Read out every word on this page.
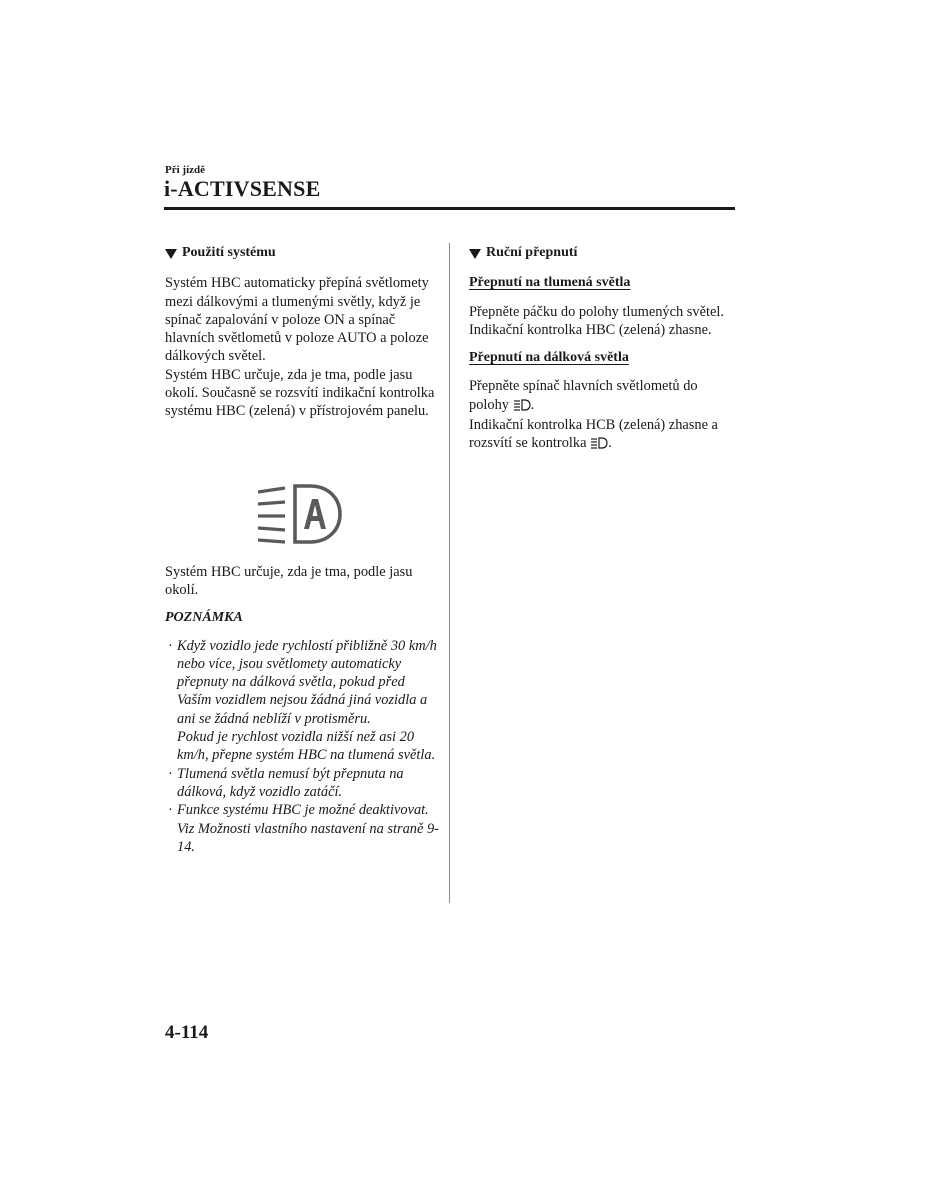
Při jízdě
i-ACTIVSENSE
Použití systému

Systém HBC automaticky přepíná světlomety mezi dálkovými a tlumenými světly, když je spínač zapalování v poloze ON a spínač hlavních světlometů v poloze AUTO a poloze dálkových světel.

Systém HBC určuje, zda je tma, podle jasu okolí. Současně se rozsvítí indikační kontrolka systému HBC (zelená) v přístrojovém panelu.

Systém HBC určuje, zda je tma, podle jasu okolí.

POZNÁMKA
· Když vozidlo jede rychlostí přibližně 30 km/h nebo více, jsou světlomety automaticky přepnuty na dálková světla, pokud před Vaším vozidlem nejsou žádná jiná vozidla a ani se žádná neblíží v protisměru.
Pokud je rychlost vozidla nižší než asi 20 km/h, přepne systém HBC na tlumená světla.
· Tlumená světla nemusí být přepnuta na dálková, když vozidlo zatáčí.
· Funkce systému HBC je možné deaktivovat. Viz Možnosti vlastního nastavení na straně 9-14.
Ruční přepnutí
Přepnutí na tlumená světla

Přepněte páčku do polohy tlumených světel.

Indikační kontrolka HBC (zelená) zhasne.

Přepnutí na dálková světla

Přepněte spínač hlavních světlometů do polohy .

Indikační kontrolka HCB (zelená) zhasne a rozsvítí se kontrolka .

4-114
